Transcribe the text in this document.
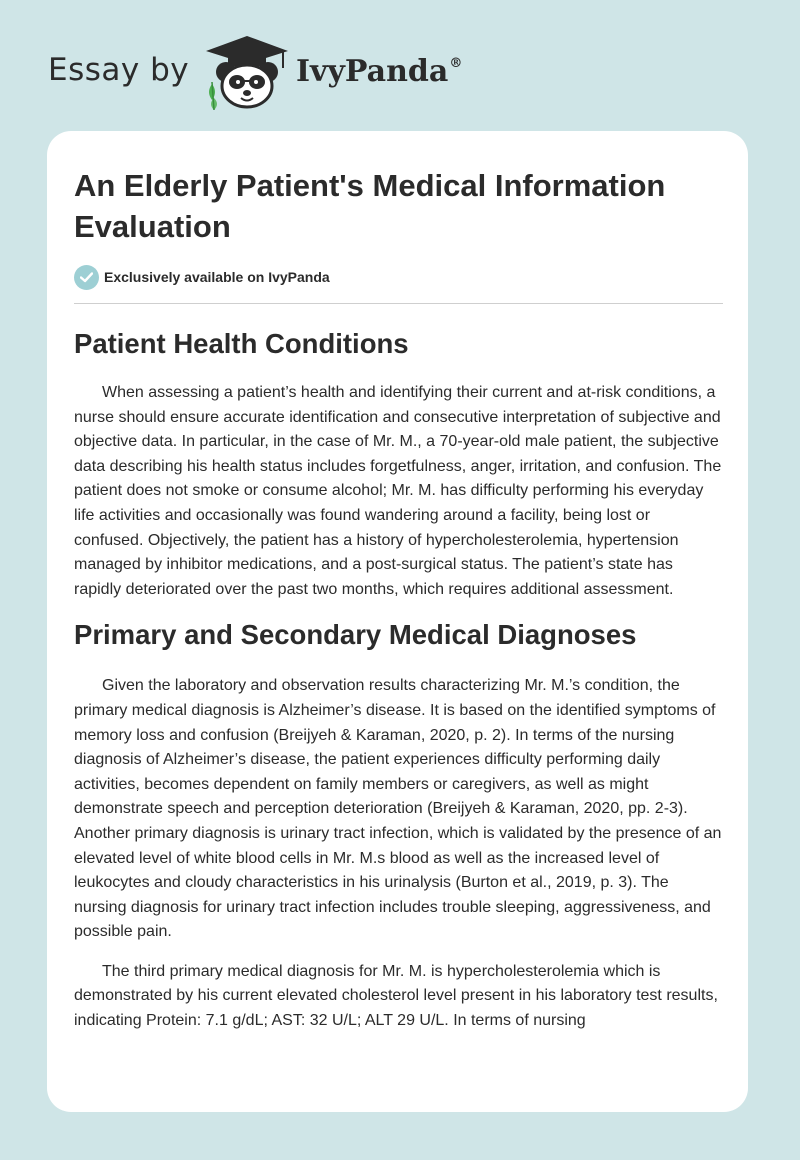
Essay by	IvyPanda®
An Elderly Patient's Medical Information Evaluation
Exclusively available on IvyPanda
Patient Health Conditions

When assessing a patient’s health and identifying their current and at-risk conditions, a nurse should ensure accurate identification and consecutive interpretation of subjective and objective data. In particular, in the case of Mr. M., a 70-year-old male patient, the subjective data describing his health status includes forgetfulness, anger, irritation, and confusion. The patient does not smoke or consume alcohol; Mr. M. has difficulty performing his everyday life activities and occasionally was found wandering around a facility, being lost or confused. Objectively, the patient has a history of hypercholesterolemia, hypertension managed by inhibitor medications, and a post-surgical status. The patient’s state has rapidly deteriorated over the past two months, which requires additional assessment.

Primary and Secondary Medical Diagnoses

Given the laboratory and observation results characterizing Mr. M.’s condition, the primary medical diagnosis is Alzheimer’s disease. It is based on the identified symptoms of memory loss and confusion (Breijyeh & Karaman, 2020, p. 2). In terms of the nursing diagnosis of Alzheimer’s disease, the patient experiences difficulty performing daily activities, becomes dependent on family members or caregivers, as well as might demonstrate speech and perception deterioration (Breijyeh & Karaman, 2020, pp. 2-3). Another primary diagnosis is urinary tract infection, which is validated by the presence of an elevated level of white blood cells in Mr. M.s blood as well as the increased level of leukocytes and cloudy characteristics in his urinalysis (Burton et al., 2019, p. 3). The nursing diagnosis for urinary tract infection includes trouble sleeping, aggressiveness, and possible pain.

The third primary medical diagnosis for Mr. M. is hypercholesterolemia which is demonstrated by his current elevated cholesterol level present in his laboratory test results, indicating Protein: 7.1 g/dL; AST: 32 U/L; ALT 29 U/L. In terms of nursing
